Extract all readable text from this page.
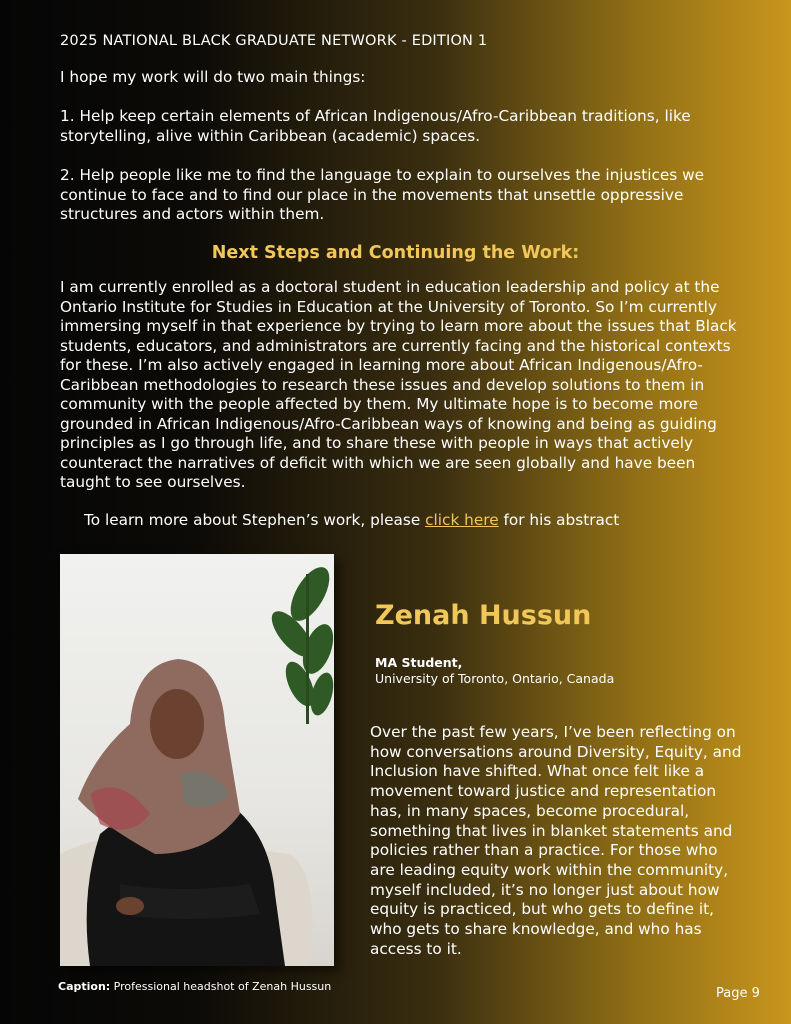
2025 NATIONAL BLACK GRADUATE NETWORK - EDITION 1
I hope my work will do two main things:
1. Help keep certain elements of African Indigenous/Afro-Caribbean traditions, like storytelling, alive within Caribbean (academic) spaces.
2. Help people like me to find the language to explain to ourselves the injustices we continue to face and to find our place in the movements that unsettle oppressive structures and actors within them.
Next Steps and Continuing the Work:
I am currently enrolled as a doctoral student in education leadership and policy at the Ontario Institute for Studies in Education at the University of Toronto. So I’m currently immersing myself in that experience by trying to learn more about the issues that Black students, educators, and administrators are currently facing and the historical contexts for these. I’m also actively engaged in learning more about African Indigenous/Afro-Caribbean methodologies to research these issues and develop solutions to them in community with the people affected by them. My ultimate hope is to become more grounded in African Indigenous/Afro-Caribbean ways of knowing and being as guiding principles as I go through life, and to share these with people in ways that actively counteract the narratives of deficit with which we are seen globally and have been taught to see ourselves.
To learn more about Stephen’s work, please click here for his abstract
Caption: Professional headshot of Zenah Hussun
Zenah Hussun
MA Student,
University of Toronto, Ontario, Canada
Over the past few years, I’ve been reflecting on how conversations around Diversity, Equity, and Inclusion have shifted. What once felt like a movement toward justice and representation has, in many spaces, become procedural, something that lives in blanket statements and policies rather than a practice. For those who are leading equity work within the community, myself included, it’s no longer just about how equity is practiced, but who gets to define it, who gets to share knowledge, and who has access to it.
Page 9
